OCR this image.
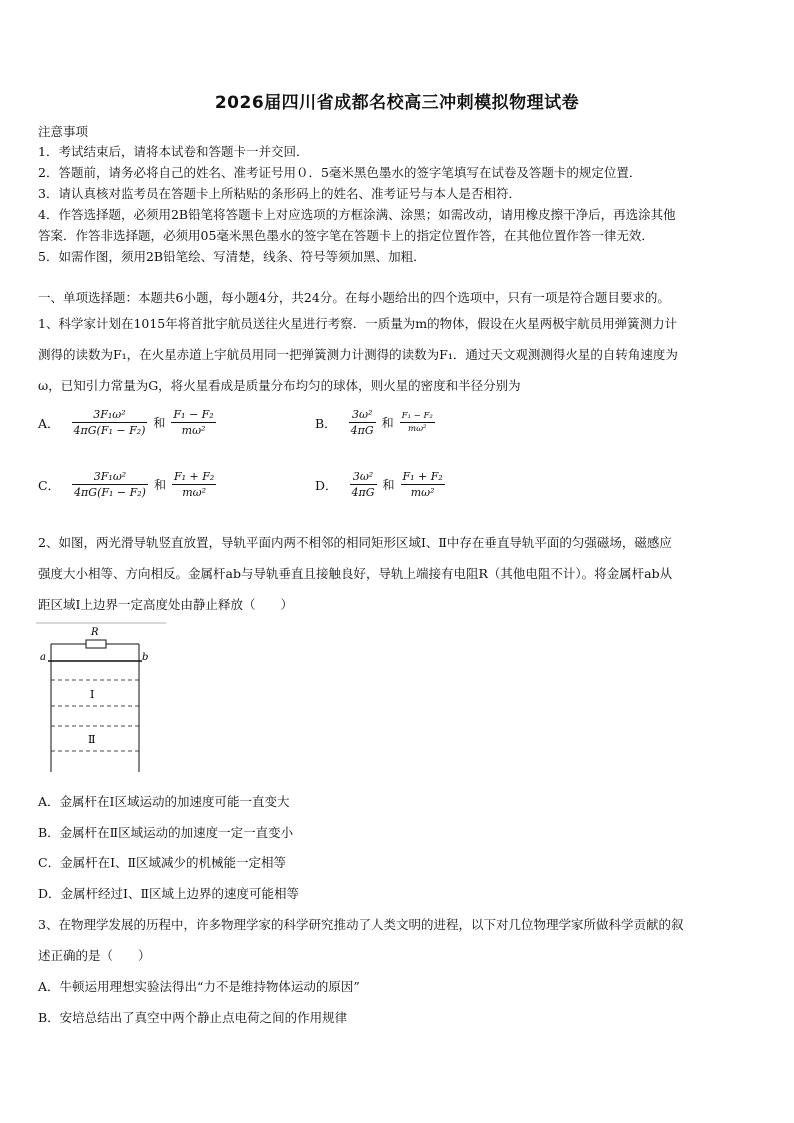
2026届四川省成都名校高三冲刺模拟物理试卷
注意事项
1．考试结束后，请将本试卷和答题卡一并交回．
2．答题前，请务必将自己的姓名、准考证号用０．5毫米黑色墨水的签字笔填写在试卷及答题卡的规定位置．
3．请认真核对监考员在答题卡上所粘贴的条形码上的姓名、准考证号与本人是否相符．
4．作答选择题，必须用2B铅笔将答题卡上对应选项的方框涂满、涂黑；如需改动，请用橡皮擦干净后，再选涂其他
答案．作答非选择题，必须用05毫米黑色墨水的签字笔在答题卡上的指定位置作答，在其他位置作答一律无效．
5．如需作图，须用2B铅笔绘、写清楚，线条、符号等须加黑、加粗．
一、单项选择题：本题共6小题，每小题4分，共24分。在每小题给出的四个选项中，只有一项是符合题目要求的。
1、科学家计划在1015年将首批宇航员送往火星进行考察．一质量为m的物体，假设在火星两极宇航员用弹簧测力计
测得的读数为F₁，在火星赤道上宇航员用同一把弹簧测力计测得的读数为F₁．通过天文观测测得火星的自转角速度为
ω，已知引力常量为G，将火星看成是质量分布均匀的球体，则火星的密度和半径分别为
A． $\frac{\text{3F₁ω²}}{\text{4πG(F₁ − F₂)}}$ 和 $\frac{\text{F₁ − F₂}}{\text{mω²}}$	B． $\frac{\text{3ω²}}{4\pi G}$ 和 $\frac{\text{F₁ − F₂}}{\text{mω²}}$
C． $\frac{\text{3F₁ω²}}{\text{4πG(F₁ − F₂)}}$ 和 $\frac{\text{F₁ + F₂}}{\text{mω²}}$	D． $\frac{\text{3ω²}}{4\pi G}$ 和 $\frac{\text{F₁ + F₂}}{\text{mω²}}$
2、如图，两光滑导轨竖直放置，导轨平面内两不相邻的相同矩形区域Ⅰ、Ⅱ中存在垂直导轨平面的匀强磁场，磁感应
强度大小相等、方向相反。金属杆ab与导轨垂直且接触良好，导轨上端接有电阻R（其他电阻不计）。将金属杆ab从
距区域Ⅰ上边界一定高度处由静止释放（　　）
R
a	b
Ⅰ
Ⅱ
A．金属杆在Ⅰ区域运动的加速度可能一直变大
B．金属杆在Ⅱ区域运动的加速度一定一直变小
C．金属杆在Ⅰ、Ⅱ区域减少的机械能一定相等
D．金属杆经过Ⅰ、Ⅱ区域上边界的速度可能相等
3、在物理学发展的历程中，许多物理学家的科学研究推动了人类文明的进程，以下对几位物理学家所做科学贡献的叙
述正确的是（　　）
A．牛顿运用理想实验法得出“力不是维持物体运动的原因”
B．安培总结出了真空中两个静止点电荷之间的作用规律
